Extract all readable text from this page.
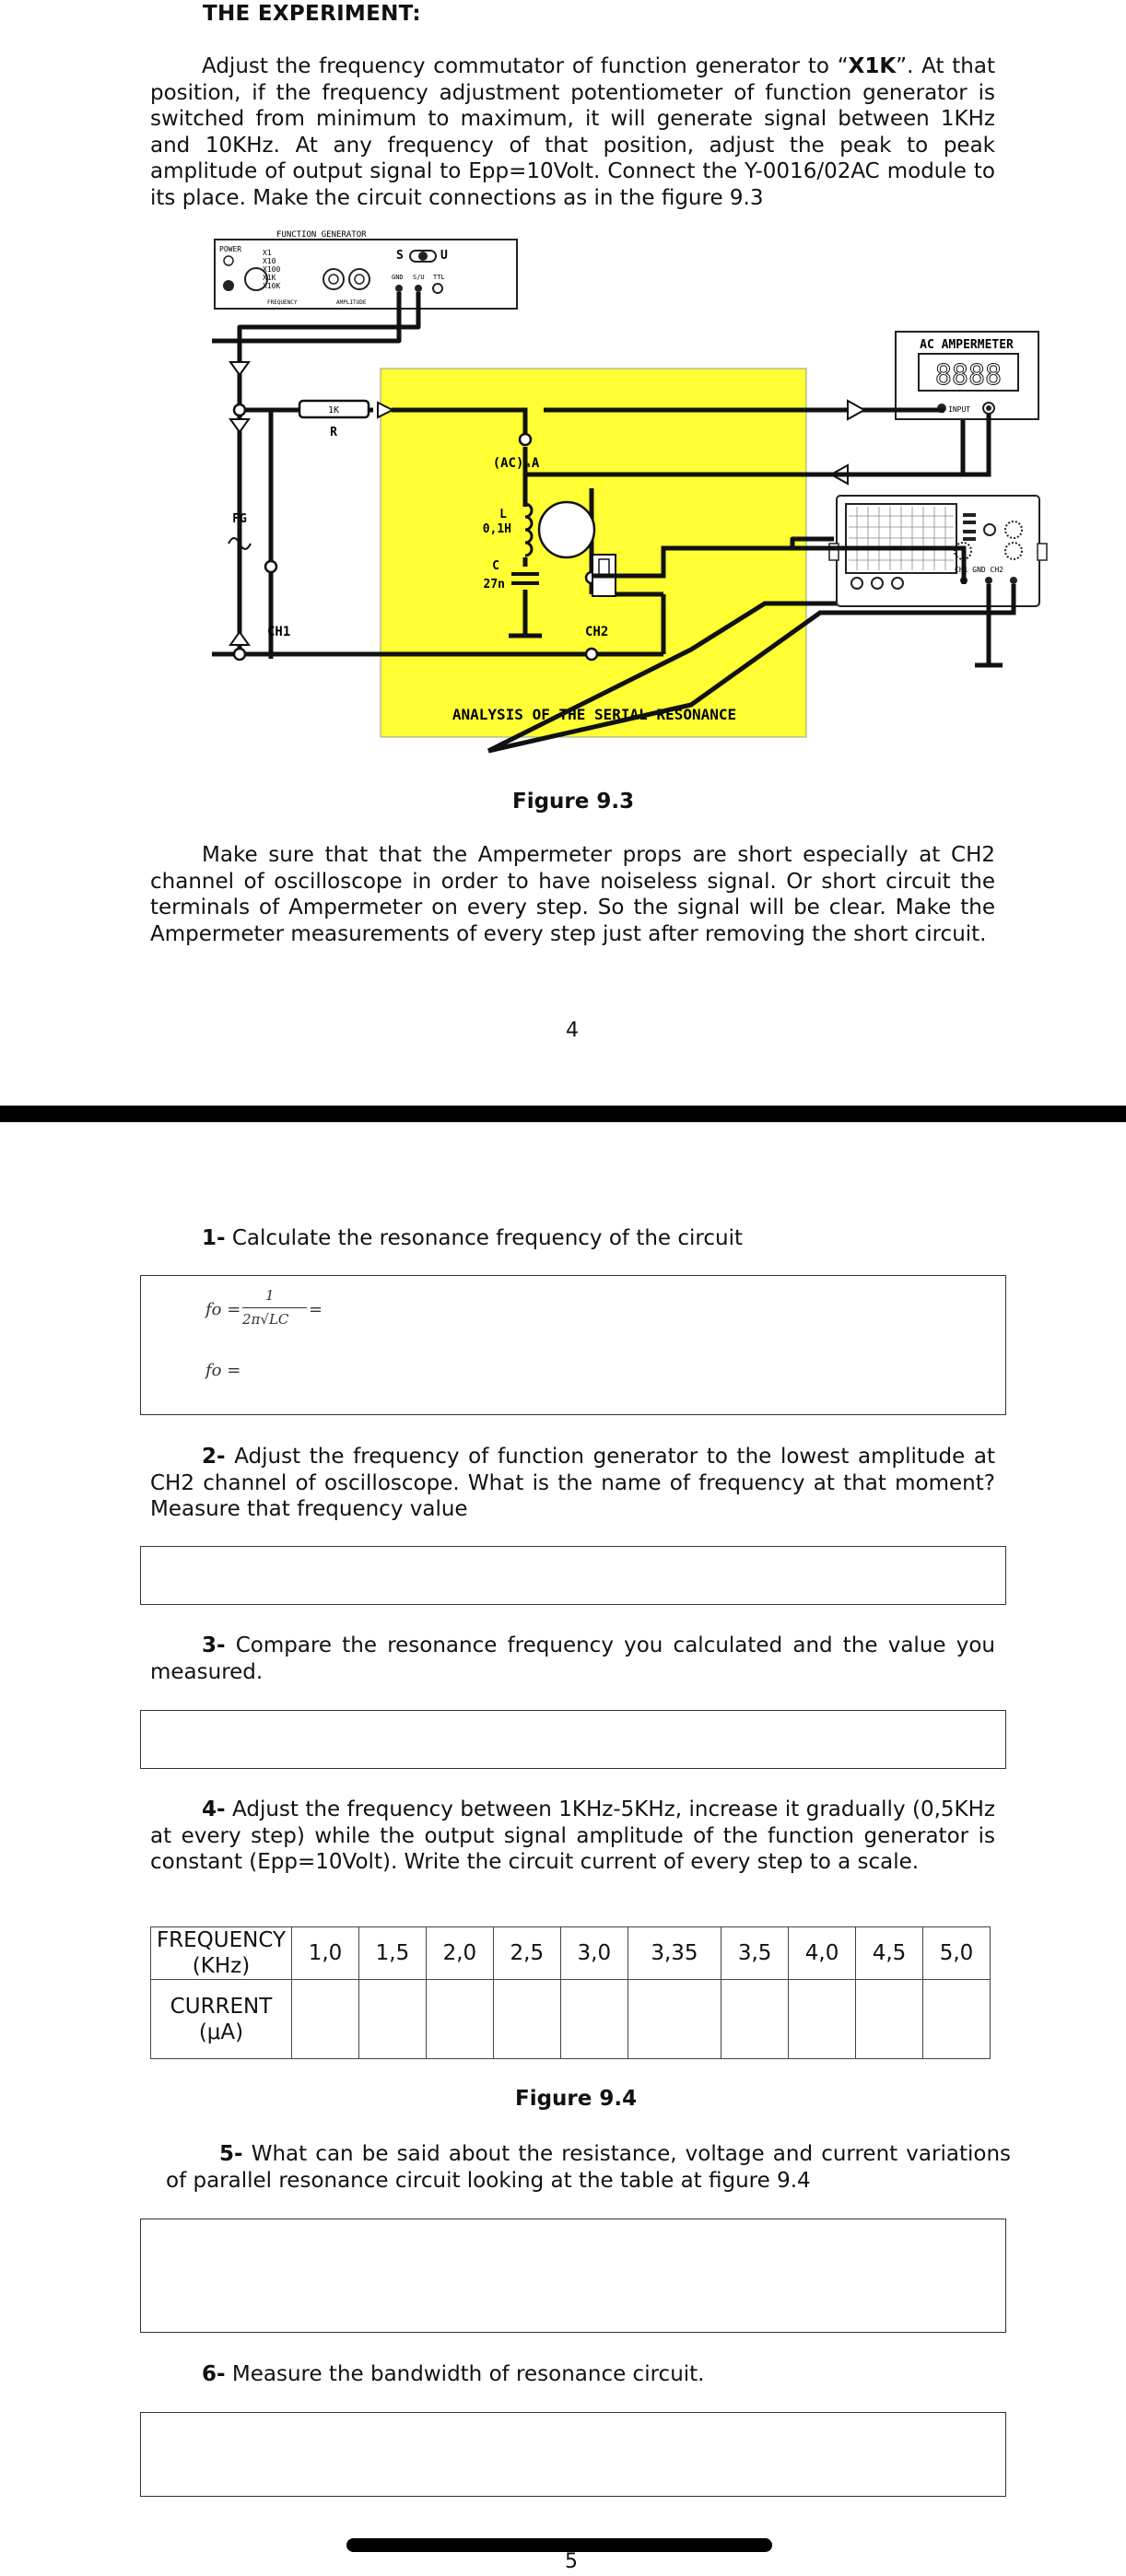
THE EXPERIMENT:
Adjust the frequency commutator of function generator to “X1K”. At that position, if the frequency adjustment potentiometer of function generator is switched from minimum to maximum, it will generate signal between 1KHz and 10KHz. At any frequency of that position, adjust the peak to peak amplitude of output signal to Epp=10Volt. Connect the Y-0016/02AC module to its place. Make the circuit connections as in the figure 9.3
ANALYSIS OF THE SERIAL RESONANCE
FUNCTION GENERATOR
POWER	X1
X10
X100
X1K
X10K
FREQUENCY	AMPLITUDE
S	U
GND S/U TTL
FG
1K
R
(AC)ₐA
L
0,1H
C
27n
CH1	CH2
AC AMPERMETER
8888
INPUT
CH1 GND CH2
Figure 9.3
Make sure that that the Ampermeter props are short especially at CH2 channel of oscilloscope in order to have noiseless signal. Or short circuit the terminals of Ampermeter on every step. So the signal will be clear. Make the Ampermeter measurements of every step just after removing the short circuit.
4
1- Calculate the resonance frequency of the circuit
fo =
1
2π√LC =
fo =
2- Adjust the frequency of function generator to the lowest amplitude at CH2 channel of oscilloscope. What is the name of frequency at that moment? Measure that frequency value
3- Compare the resonance frequency you calculated and the value you measured.
4- Adjust the frequency between 1KHz-5KHz, increase it gradually (0,5KHz at every step) while the output signal amplitude of the function generator is constant (Epp=10Volt). Write the circuit current of every step to a scale.
FREQUENCY
(KHz)	1,0	1,5	2,0	2,5	3,0	3,35	3,5	4,0	4,5	5,0
CURRENT
(μA)										
Figure 9.4
5- What can be said about the resistance, voltage and current variations of parallel resonance circuit looking at the table at figure 9.4
6- Measure the bandwidth of resonance circuit.
5
